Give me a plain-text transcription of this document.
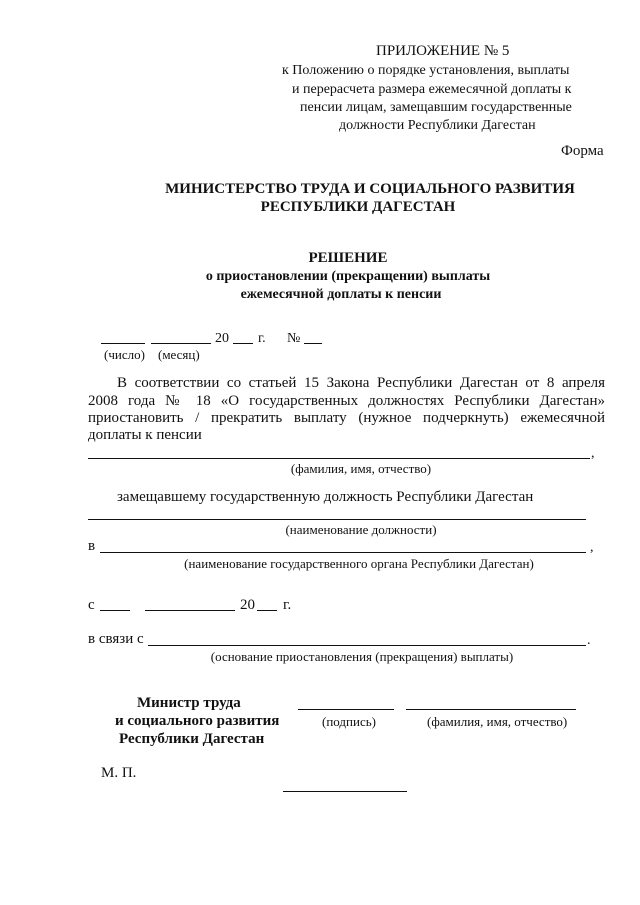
ПРИЛОЖЕНИЕ № 5
к Положению о порядке установления, выплаты
и перерасчета размера ежемесячной доплаты к
пенсии лицам, замещавшим государственные
должности Республики Дагестан
Форма
МИНИСТЕРСТВО ТРУДА И СОЦИАЛЬНОГО РАЗВИТИЯ
РЕСПУБЛИКИ ДАГЕСТАН
РЕШЕНИЕ
о приостановлении (прекращении) выплаты
ежемесячной доплаты к пенсии
20 г. №
(число) (месяц)
В соответствии со статьей 15 Закона Республики Дагестан от 8 апреля
2008 года № 18 «О государственных должностях Республики Дагестан»
приостановить / прекратить выплату (нужное подчеркнуть) ежемесячной
доплаты к пенсии
,
(фамилия, имя, отчество)
замещавшему государственную должность Республики Дагестан
(наименование должности)
в	,
(наименование государственного органа Республики Дагестан)
с	20 г.
в связи с	.
(основание приостановления (прекращения) выплаты)
Министр труда
и социального развития
Республики Дагестан
(подпись)	(фамилия, имя, отчество)
М. П.
